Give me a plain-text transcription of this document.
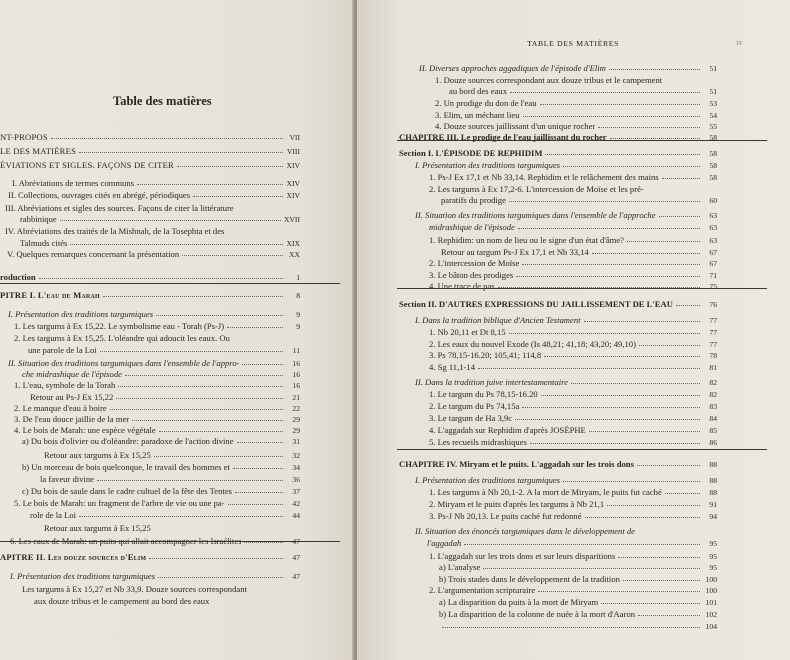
Table des matières
NT-PROPOS	VII
LE DES MATIÈRES	VIII
ÉVIATIONS ET SIGLES. FAÇONS DE CITER	XIV
I. Abréviations de termes communs	XIV
II. Collections, ouvrages cités en abrégé, périodiques	XIV
III. Abréviations et sigles des sources. Façons de citer la littérature
rabbinique	XVII
IV. Abréviations des traités de la Mishnah, de la Tosephta et des
Talmuds cités	XIX
V. Quelques remarques concernant la présentation	XX
roduction	1
PITRE I. L'eau de Marah	8
I. Présentation des traditions targumiques	9
1. Les targums à Ex 15,22. Le symbolisme eau - Torah (Ps-J)	9
2. Les targums à Ex 15,25. L'oléandre qui adoucit les eaux. Ou
une parole de la Loi	11
II. Situation des traditions targumiques dans l'ensemble de l'appro-	16
che midrashique de l'épisode	16
1. L'eau, symbole de la Torah	16
Retour au Ps-J Ex 15,22	21
2. Le manque d'eau à boire	22
3. De l'eau douce jaillie de la mer	29
4. Le bois de Marah: une espèce végétale	29
a) Du bois d'olivier ou d'oléandre: paradoxe de l'action divine	31
Retour aux targums à Ex 15,25	32
b) Un morceau de bois quelconque, le travail des hommes et	34
la faveur divine	36
c) Du bois de saule dans le cadre cultuel de la fête des Tentes	37
5. Le bois de Marah: un fragment de l'arbre de vie ou une pa-	42
role de la Loi	44
Retour aux targums à Ex 15,25
6. Les eaux de Marah: un puits qui allait accompagner les Israélites	47
APITRE II. Les douze sources d'Elim	47
I. Présentation des traditions targumiques	47
Les targums à Ex 15,27 et Nb 33,9. Douze sources correspondant
aux douze tribus et le campement au bord des eaux
TABLE DES MATIÈRES	ix
II. Diverses approches aggadiques de l'épisode d'Elim	51
1. Douze sources correspondant aux douze tribus et le campement
au bord des eaux	51
2. Un prodige du don de l'eau	53
3. Elim, un méchant lieu	54
4. Douze sources jaillissant d'un unique rocher	55
CHAPITRE III. Le prodige de l'eau jaillissant du rocher	58
Section I. L'ÉPISODE DE REPHIDIM	58
I. Présentation des traditions targumiques	58
1. Ps-J Ex 17,1 et Nb 33,14. Rephidim et le relâchement des mains	58
2. Les targums à Ex 17,2-6. L'intercession de Moïse et les pré-
paratifs du prodige	60
II. Situation des traditions targumiques dans l'ensemble de l'approche	63
midrashique de l'épisode	63
1. Rephidim: un nom de lieu ou le signe d'un état d'âme?	63
Retour au targum Ps-J Ex 17,1 et Nb 33,14	67
2. L'intercession de Moïse	67
3. Le bâton des prodiges	71
4. Une trace de pas	75
Section II. D'AUTRES EXPRESSIONS DU JAILLISSEMENT DE L'EAU	76
I. Dans la tradition biblique d'Ancien Testament	77
1. Nb 20,11 et Dt 8,15	77
2. Les eaux du nouvel Exode (Is 48,21; 41,18; 43,20; 49,10)	77
3. Ps 78,15-16.20; 105,41; 114,8	78
4. Sg 11,1-14	81
II. Dans la tradition juive intertestamentaire	82
1. Le targum du Ps 78,15-16.20	82
2. Le targum du Ps 74,15a	83
3. Le targum de Ha 3,9c	84
4. L'aggadah sur Rephidim d'après JOSÈPHE	85
5. Les recueils midrashiques	86
CHAPITRE IV. Miryam et le puits. L'aggadah sur les trois dons	88
I. Présentation des traditions targumiques	88
1. Les targums à Nb 20,1-2. A la mort de Miryam, le puits fut caché	88
2. Miryam et le puits d'après les targums à Nb 21,1	91
3. Ps-J Nb 20,13. Le puits caché fut redonné	94
II. Situation des énoncés targumiques dans le développement de
l'aggadah	95
1. L'aggadah sur les trois dons et sur leurs disparitions	95
a) L'analyse	95
b) Trois stades dans le développement de la tradition	100
2. L'argumentation scripturaire	100
a) La disparition du puits à la mort de Miryam	101
b) La disparition de la colonne de nuée à la mort d'Aaron	102
104
